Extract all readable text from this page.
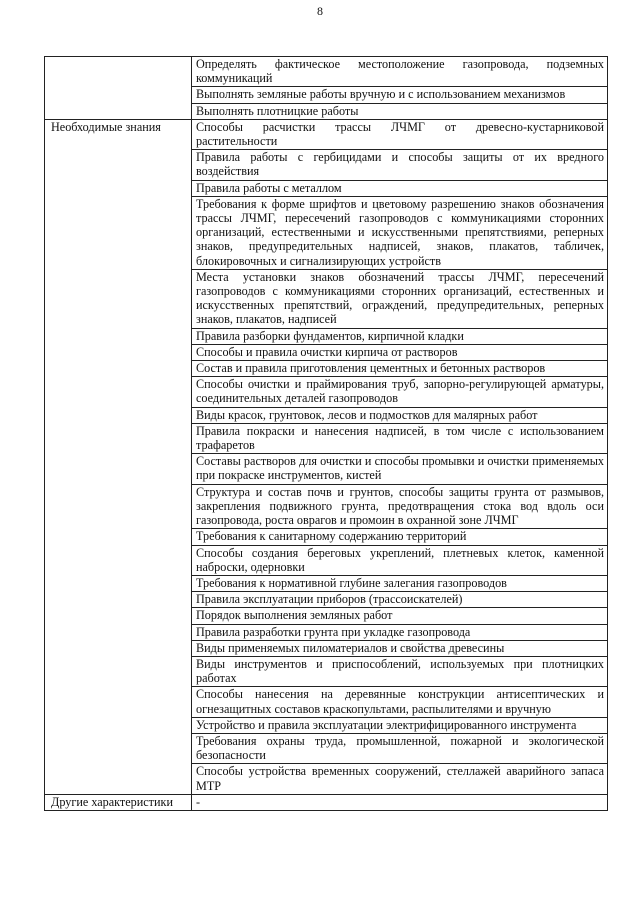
8
	Определять фактическое местоположение газопровода, подземных коммуникаций
	Выполнять земляные работы вручную и с использованием механизмов
	Выполнять плотницкие работы
Необходимые знания	Способы расчистки трассы ЛЧМГ от древесно-кустарниковой растительности
	Правила работы с гербицидами и способы защиты от их вредного воздействия
	Правила работы с металлом
	Требования к форме шрифтов и цветовому разрешению знаков обозначения трассы ЛЧМГ, пересечений газопроводов с коммуникациями сторонних организаций, естественными и искусственными препятствиями, реперных знаков, предупредительных надписей, знаков, плакатов, табличек, блокировочных и сигнализирующих устройств
	Места установки знаков обозначений трассы ЛЧМГ, пересечений газопроводов с коммуникациями сторонних организаций, естественных и искусственных препятствий, ограждений, предупредительных, реперных знаков, плакатов, надписей
	Правила разборки фундаментов, кирпичной кладки
	Способы и правила очистки кирпича от растворов
	Состав и правила приготовления цементных и бетонных растворов
	Способы очистки и праймирования труб, запорно-регулирующей арматуры, соединительных деталей газопроводов
	Виды красок, грунтовок, лесов и подмостков для малярных работ
	Правила покраски и нанесения надписей, в том числе с использованием трафаретов
	Составы растворов для очистки и способы промывки и очистки применяемых при покраске инструментов, кистей
	Структура и состав почв и грунтов, способы защиты грунта от размывов, закрепления подвижного грунта, предотвращения стока вод вдоль оси газопровода, роста оврагов и промоин в охранной зоне ЛЧМГ
	Требования к санитарному содержанию территорий
	Способы создания береговых укреплений, плетневых клеток, каменной наброски, одерновки
	Требования к нормативной глубине залегания газопроводов
	Правила эксплуатации приборов (трассоискателей)
	Порядок выполнения земляных работ
	Правила разработки грунта при укладке газопровода
	Виды применяемых пиломатериалов и свойства древесины
	Виды инструментов и приспособлений, используемых при плотницких работах
	Способы нанесения на деревянные конструкции антисептических и огнезащитных составов краскопультами, распылителями и вручную
	Устройство и правила эксплуатации электрифицированного инструмента
	Требования охраны труда, промышленной, пожарной и экологической безопасности
	Способы устройства временных сооружений, стеллажей аварийного запаса МТР
Другие характеристики	-
